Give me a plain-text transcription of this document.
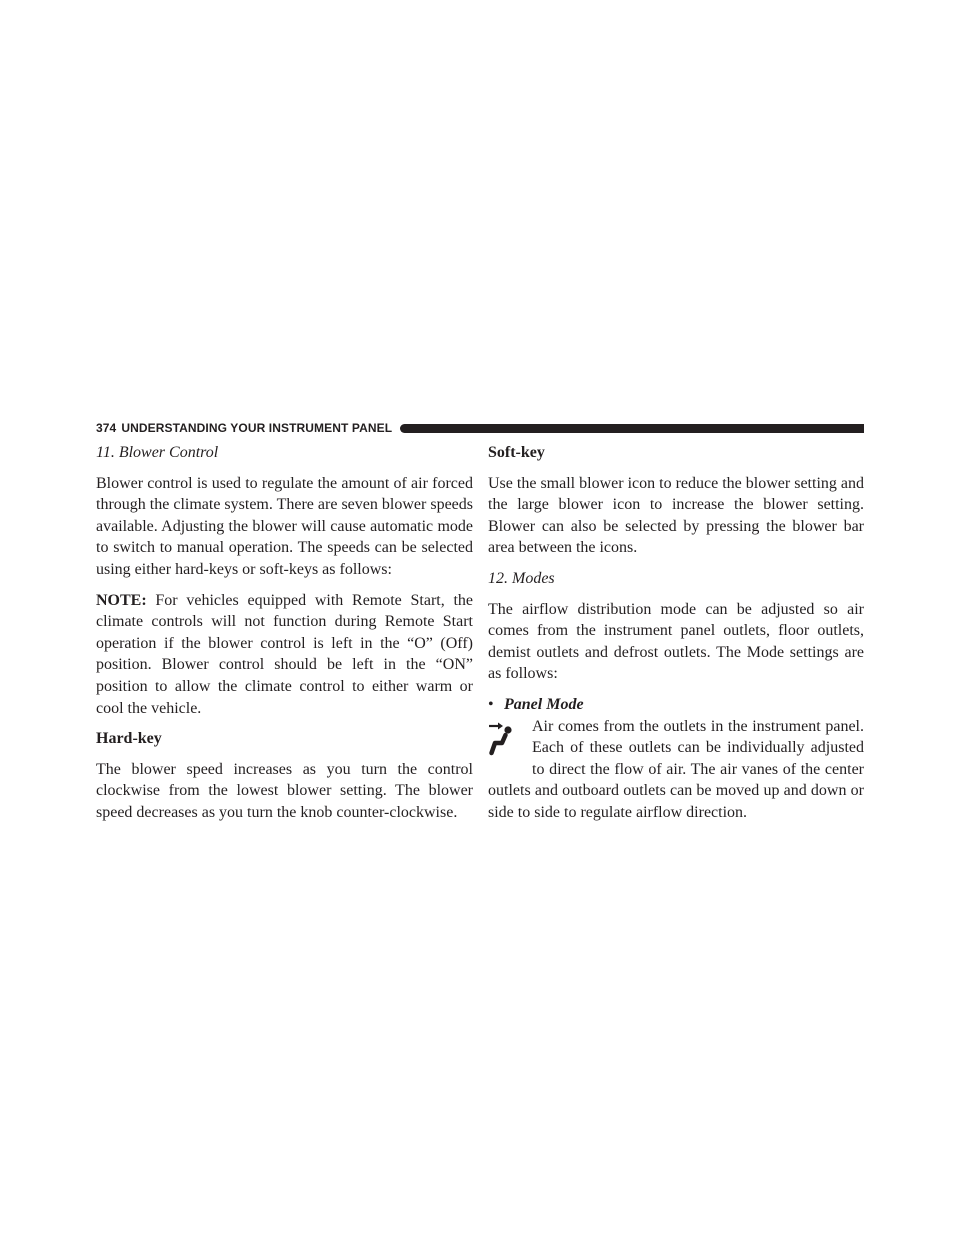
374 UNDERSTANDING YOUR INSTRUMENT PANEL

11. Blower Control

Blower control is used to regulate the amount of air forced through the climate system. There are seven blower speeds available. Adjusting the blower will cause automatic mode to switch to manual operation. The speeds can be selected using either hard-keys or soft-keys as follows:

NOTE: For vehicles equipped with Remote Start, the climate controls will not function during Remote Start operation if the blower control is left in the “O” (Off) position. Blower control should be left in the “ON” position to allow the climate control to either warm or cool the vehicle.

Hard-key

The blower speed increases as you turn the control clockwise from the lowest blower setting. The blower speed decreases as you turn the knob counter-clockwise.

Soft-key

Use the small blower icon to reduce the blower setting and the large blower icon to increase the blower setting. Blower can also be selected by pressing the blower bar area between the icons.

12. Modes

The airflow distribution mode can be adjusted so air comes from the instrument panel outlets, floor outlets, demist outlets and defrost outlets. The Mode settings are as follows:

• Panel Mode
Air comes from the outlets in the instrument panel. Each of these outlets can be individually adjusted to direct the flow of air. The air vanes of the center outlets and outboard outlets can be moved up and down or side to side to regulate airflow direction.
